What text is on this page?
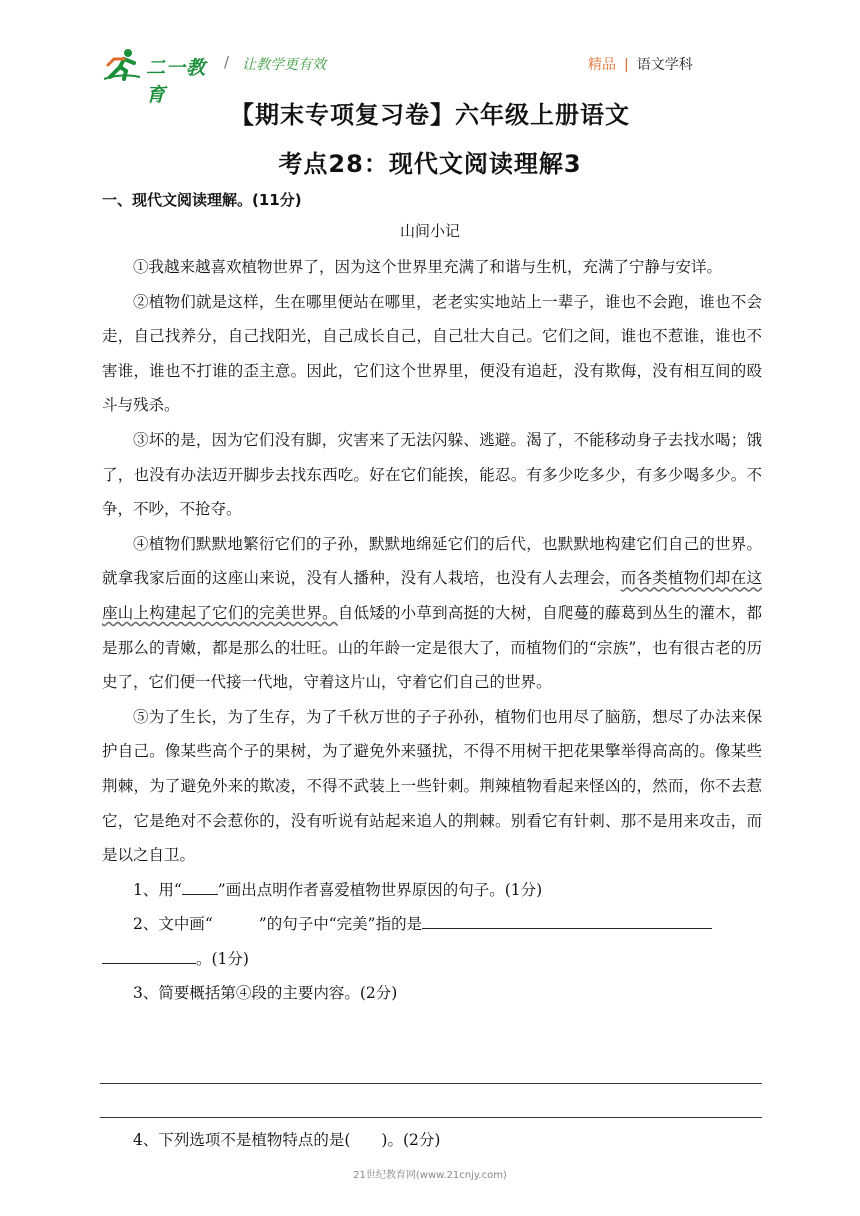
二一教育
/ 让教学更有效	精品 | 语文学科
【期末专项复习卷】六年级上册语文
考点28：现代文阅读理解3
一、现代文阅读理解。(11分)
山间小记

①我越来越喜欢植物世界了，因为这个世界里充满了和谐与生机，充满了宁静与安详。

②植物们就是这样，生在哪里便站在哪里，老老实实地站上一辈子，谁也不会跑，谁也不会走，自己找养分，自己找阳光，自己成长自己，自己壮大自己。它们之间，谁也不惹谁，谁也不害谁，谁也不打谁的歪主意。因此，它们这个世界里，便没有追赶，没有欺侮，没有相互间的殴斗与残杀。

③坏的是，因为它们没有脚，灾害来了无法闪躲、逃避。渴了，不能移动身子去找水喝；饿了，也没有办法迈开脚步去找东西吃。好在它们能挨，能忍。有多少吃多少，有多少喝多少。不争，不吵，不抢夺。

④植物们默默地繁衍它们的子孙，默默地绵延它们的后代，也默默地构建它们自己的世界。就拿我家后面的这座山来说，没有人播种，没有人栽培，也没有人去理会，而各类植物们却在这座山上构建起了它们的完美世界。自低矮的小草到高挺的大树，自爬蔓的藤葛到丛生的灌木，都是那么的青嫩，都是那么的壮旺。山的年龄一定是很大了，而植物们的“宗族”，也有很古老的历史了，它们便一代接一代地，守着这片山，守着它们自己的世界。

⑤为了生长，为了生存，为了千秋万世的子子孙孙，植物们也用尽了脑筋，想尽了办法来保护自己。像某些高个子的果树，为了避免外来骚扰，不得不用树干把花果擎举得高高的。像某些荆棘，为了避免外来的欺凌，不得不武装上一些针刺。荆辣植物看起来怪凶的，然而，你不去惹它，它是绝对不会惹你的，没有听说有站起来追人的荆棘。别看它有针刺、那不是用来攻击，而是以之自卫。

1、用“ ”画出点明作者喜爱植物世界原因的句子。(1分)

2、文中画“	”的句子中“完美”指的是

。(1分)

3、简要概括第④段的主要内容。(2分)

4、下列选项不是植物特点的是(　　)。(2分)
21世纪教育网(www.21cnjy.com)
